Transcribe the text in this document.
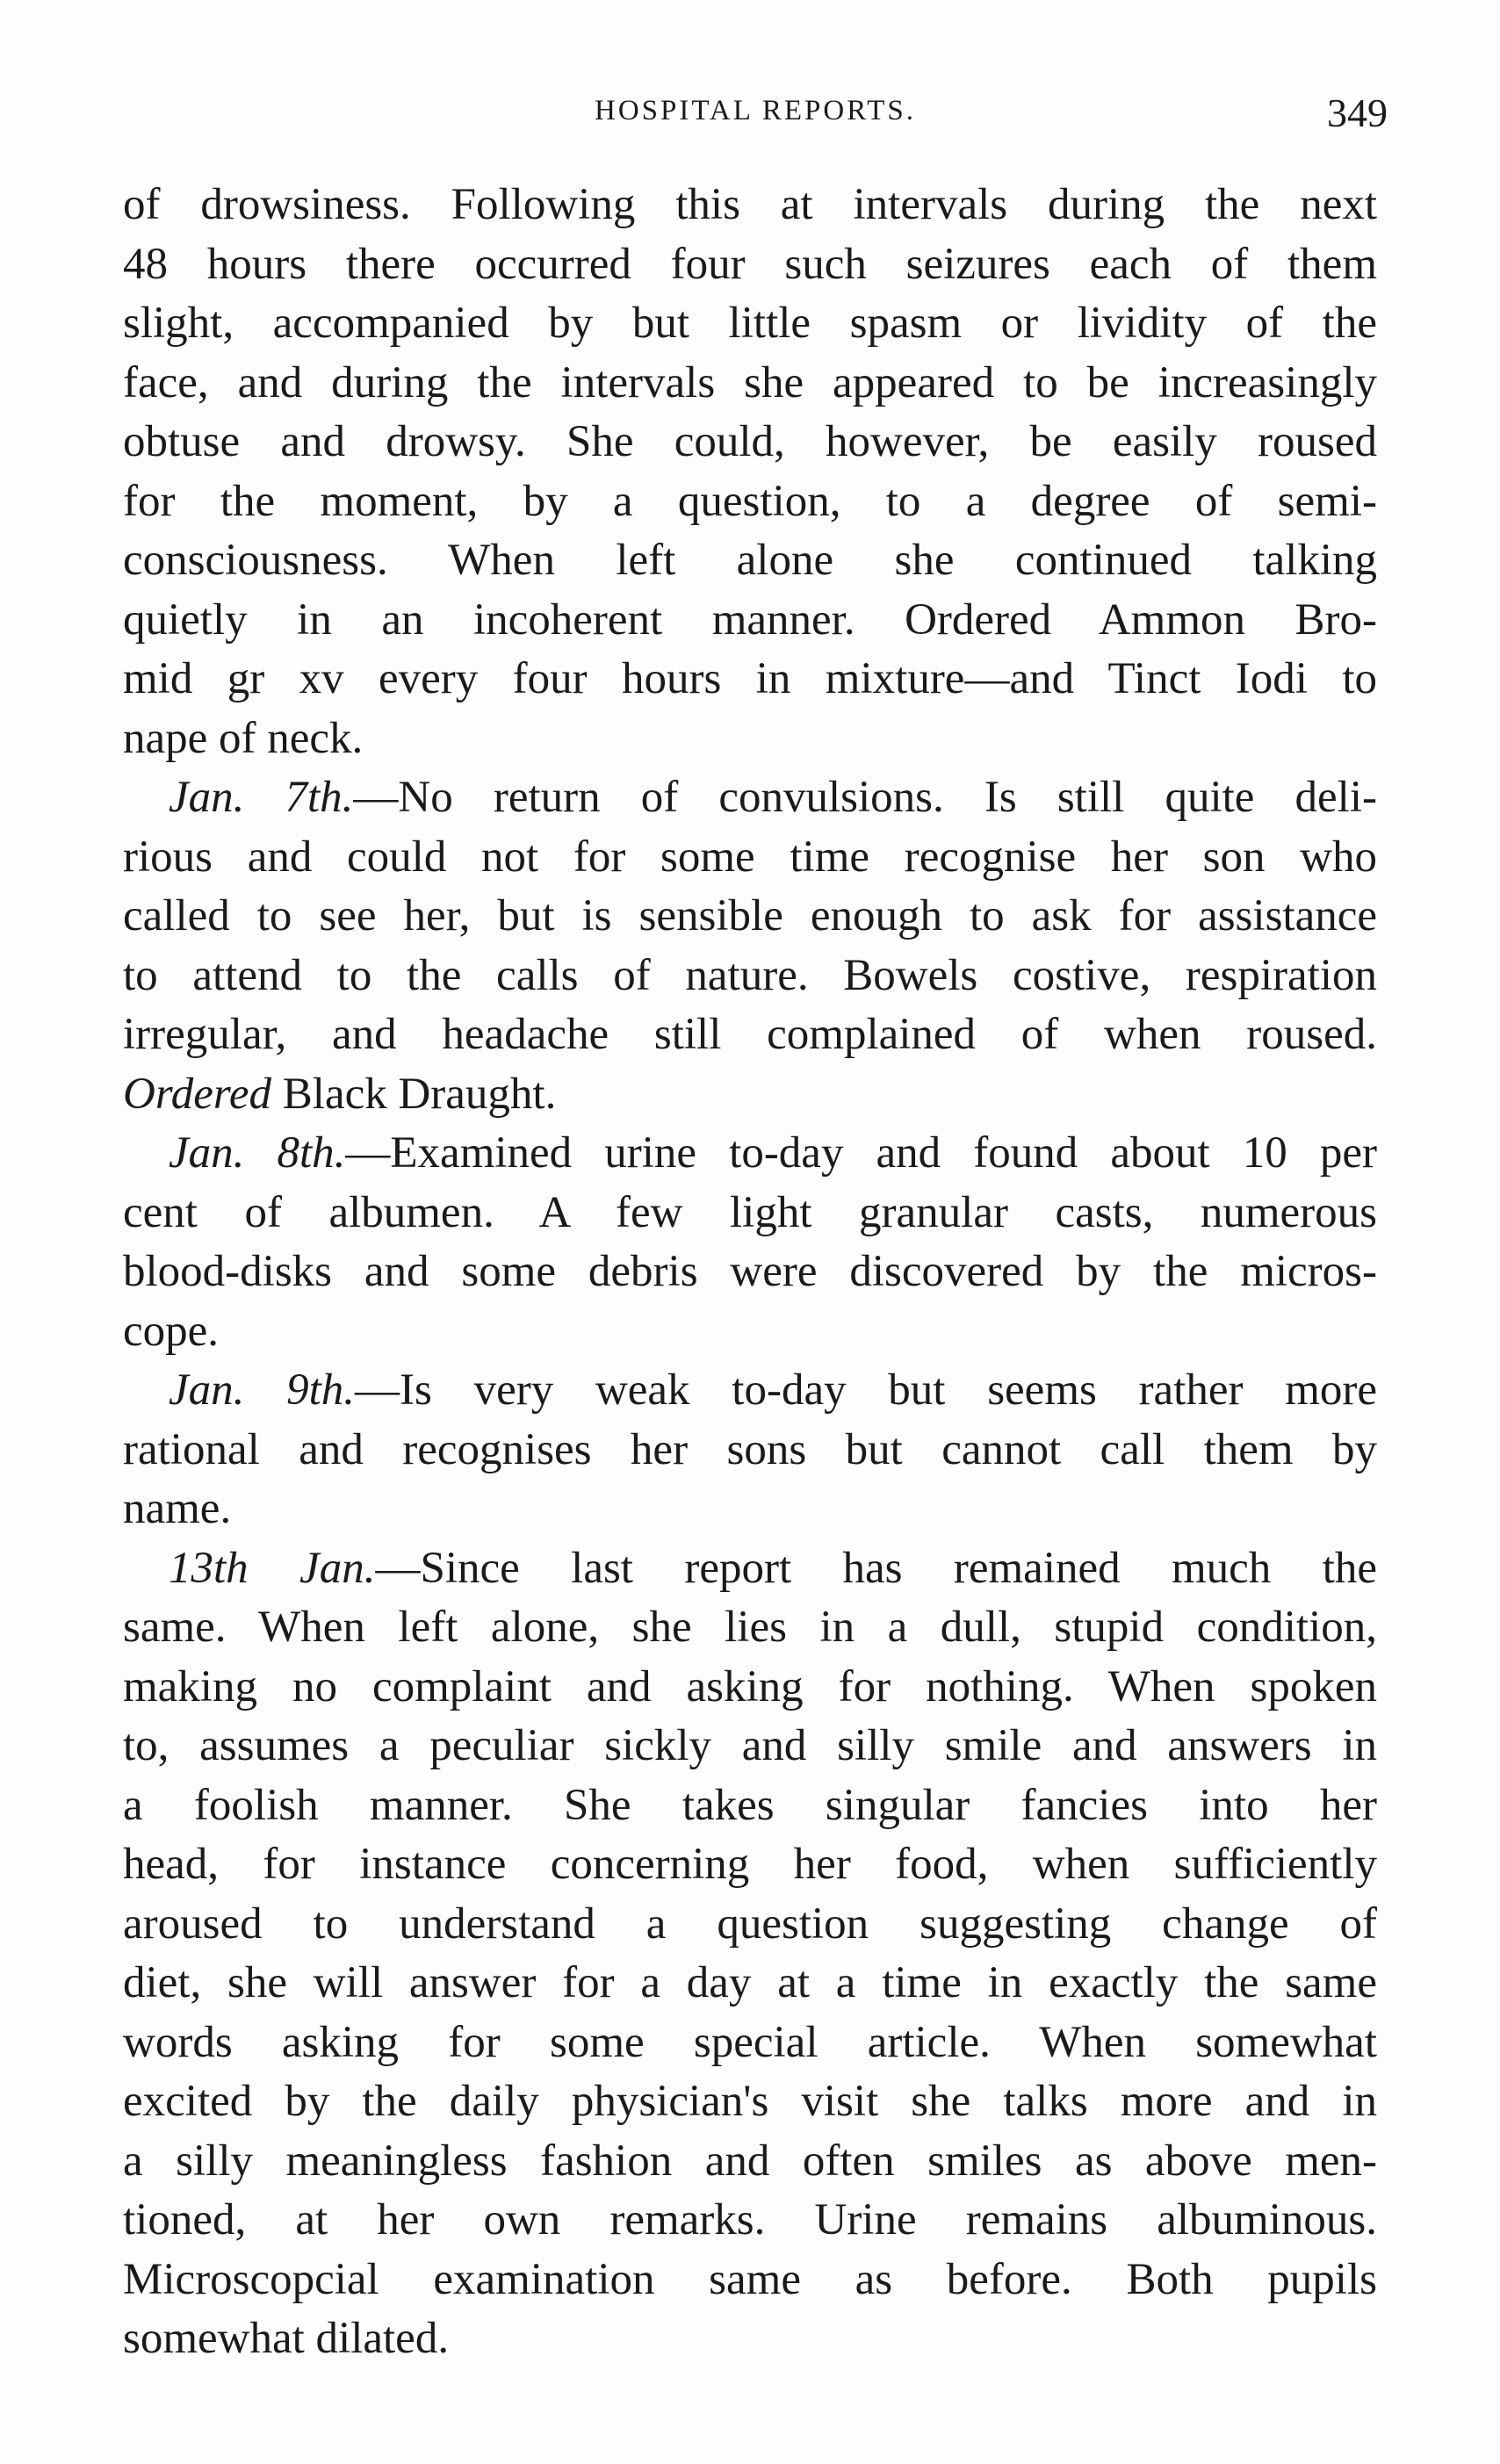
HOSPITAL REPORTS.	349
of drowsiness. Following this at intervals during the next
48 hours there occurred four such seizures each of them
slight, accompanied by but little spasm or lividity of the
face, and during the intervals she appeared to be increasingly
obtuse and drowsy. She could, however, be easily roused
for the moment, by a question, to a degree of semi-
consciousness. When left alone she continued talking
quietly in an incoherent manner. Ordered Ammon Bro-
mid gr xv every four hours in mixture—and Tinct Iodi to
nape of neck.
Jan. 7th.—No return of convulsions. Is still quite deli-
rious and could not for some time recognise her son who
called to see her, but is sensible enough to ask for assistance
to attend to the calls of nature. Bowels costive, respiration
irregular, and headache still complained of when roused.
Ordered Black Draught.
Jan. 8th.—Examined urine to-day and found about 10 per
cent of albumen. A few light granular casts, numerous
blood-disks and some debris were discovered by the micros-
cope.
Jan. 9th.—Is very weak to-day but seems rather more
rational and recognises her sons but cannot call them by
name.
13th Jan.—Since last report has remained much the
same. When left alone, she lies in a dull, stupid condition,
making no complaint and asking for nothing. When spoken
to, assumes a peculiar sickly and silly smile and answers in
a foolish manner. She takes singular fancies into her
head, for instance concerning her food, when sufficiently
aroused to understand a question suggesting change of
diet, she will answer for a day at a time in exactly the same
words asking for some special article. When somewhat
excited by the daily physician's visit she talks more and in
a silly meaningless fashion and often smiles as above men-
tioned, at her own remarks. Urine remains albuminous.
Microscopcial examination same as before. Both pupils
somewhat dilated.
